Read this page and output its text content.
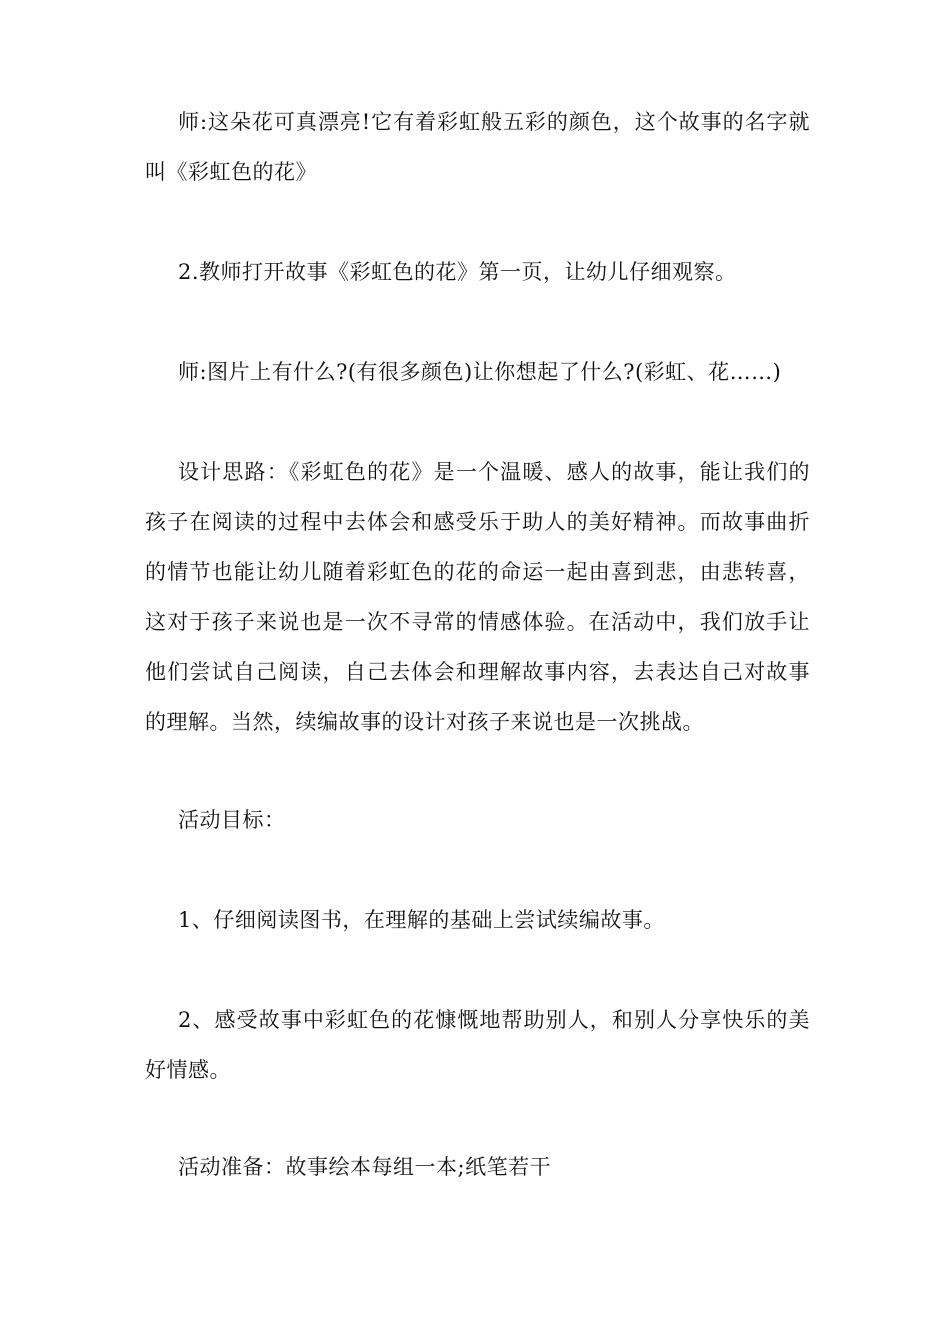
师:这朵花可真漂亮!它有着彩虹般五彩的颜色，这个故事的名字就叫《彩虹色的花》

2.教师打开故事《彩虹色的花》第一页，让幼儿仔细观察。

师:图片上有什么?(有很多颜色)让你想起了什么?(彩虹、花……)

设计思路：《彩虹色的花》是一个温暖、感人的故事，能让我们的孩子在阅读的过程中去体会和感受乐于助人的美好精神。而故事曲折的情节也能让幼儿随着彩虹色的花的命运一起由喜到悲，由悲转喜，这对于孩子来说也是一次不寻常的情感体验。在活动中，我们放手让他们尝试自己阅读，自己去体会和理解故事内容，去表达自己对故事的理解。当然，续编故事的设计对孩子来说也是一次挑战。

活动目标：

1、仔细阅读图书，在理解的基础上尝试续编故事。

2、感受故事中彩虹色的花慷慨地帮助别人，和别人分享快乐的美好情感。

活动准备：故事绘本每组一本;纸笔若干
